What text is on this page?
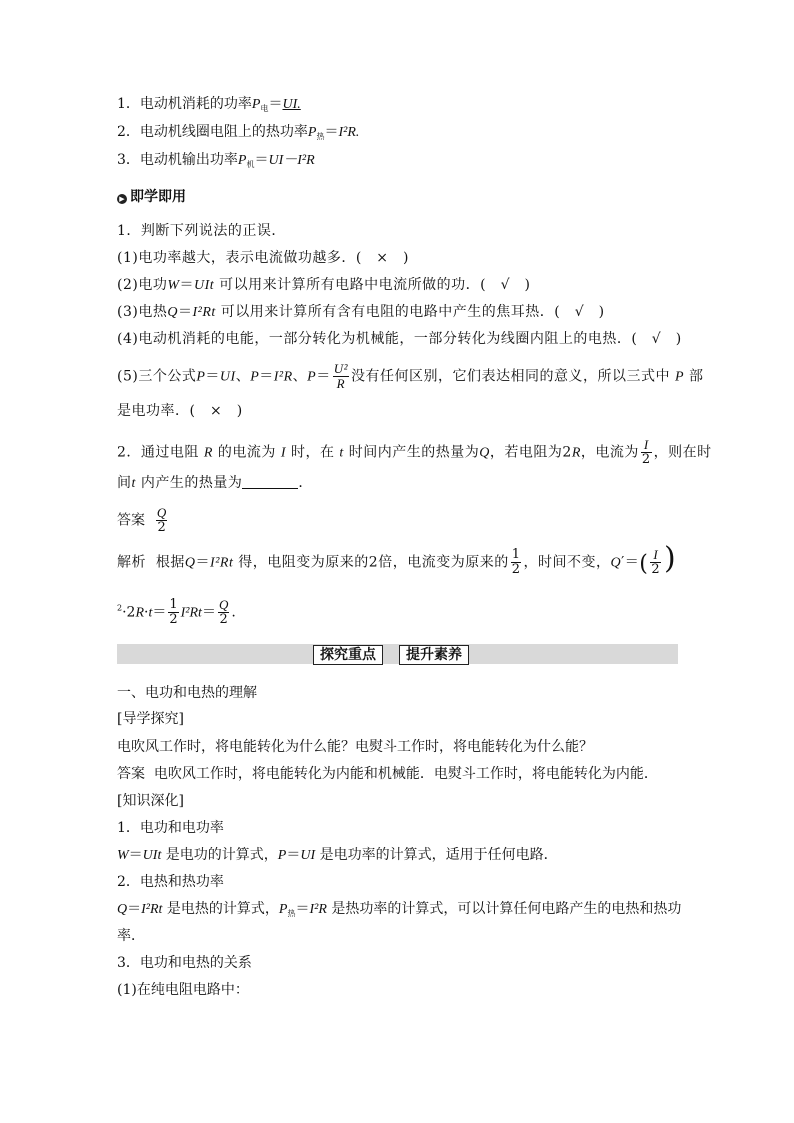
1．电动机消耗的功率$P_电=UI$.
2．电动机线圈电阻上的热功率$P_热=I^2R$.
3．电动机输出功率$P_机=UI-I^2R$
▶ 即学即用
1．判断下列说法的正误．
(1)电功率越大，表示电流做功越多．(　×　)
(2)电功W＝UIt 可以用来计算所有电路中电流所做的功．(　√　)
(3)电热Q＝I²Rt 可以用来计算所有含有电阻的电路中产生的焦耳热．(　√　)
(4)电动机消耗的电能，一部分转化为机械能，一部分转化为线圈内阻上的电热．(　√　)
(5)三个公式P＝UI、P＝I²R、$P= \frac{\text{U²}}{R}$ 没有任何区别，它们表达相同的意义，所以三式中 P 部
是电功率．(　×　)
2．通过电阻 R 的电流为 I 时，在 t 时间内产生的热量为Q，若电阻为2R，电流为 $\frac{I}{2}$ ，则在时
间t 内产生的热量为	．
答案 $\frac{Q}{2}$
解析 根据Q＝I²Rt 得，电阻变为原来的2倍，电流变为原来的 $\frac{1}{2}$ ，时间不变，$Q'=( \frac{I}{2}$ )
$^2\cdot 2R\cdot t= \frac{1}{2} I^2Rt= \frac{Q}{2}$ .
探究重点	提升素养
一、电功和电热的理解
[导学探究]
电吹风工作时，将电能转化为什么能？电熨斗工作时，将电能转化为什么能？
答案 电吹风工作时，将电能转化为内能和机械能．电熨斗工作时，将电能转化为内能．
[知识深化]
1．电功和电功率
W＝UIt 是电功的计算式，P＝UI 是电功率的计算式，适用于任何电路．
2．电热和热功率
Q＝I²Rt 是电热的计算式，$P_热=I^2R$ 是热功率的计算式，可以计算任何电路产生的电热和热功
率．
3．电功和电热的关系
(1)在纯电阻电路中：
